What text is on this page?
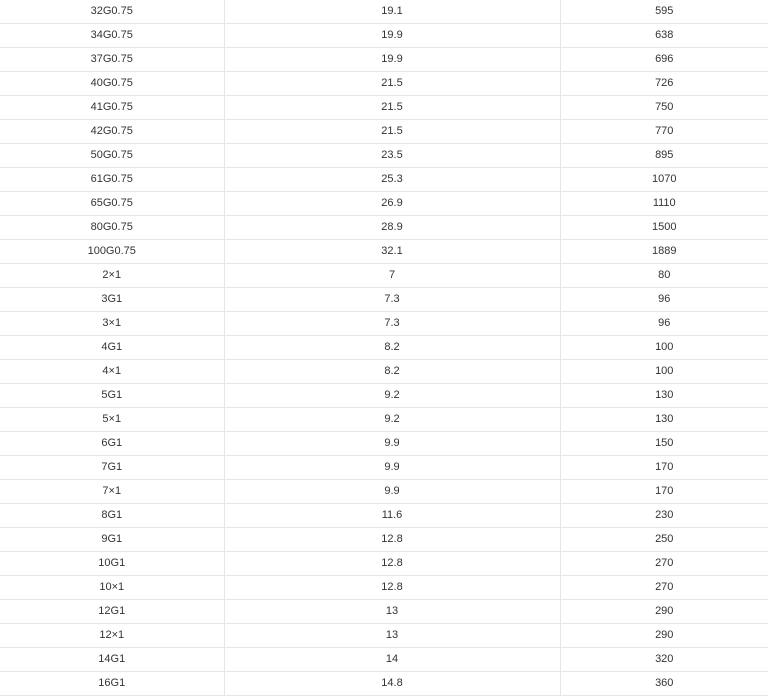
32G0.75	19.1	595
34G0.75	19.9	638
37G0.75	19.9	696
40G0.75	21.5	726
41G0.75	21.5	750
42G0.75	21.5	770
50G0.75	23.5	895
61G0.75	25.3	1070
65G0.75	26.9	1110
80G0.75	28.9	1500
100G0.75	32.1	1889
2×1	7	80
3G1	7.3	96
3×1	7.3	96
4G1	8.2	100
4×1	8.2	100
5G1	9.2	130
5×1	9.2	130
6G1	9.9	150
7G1	9.9	170
7×1	9.9	170
8G1	11.6	230
9G1	12.8	250
10G1	12.8	270
10×1	12.8	270
12G1	13	290
12×1	13	290
14G1	14	320
16G1	14.8	360
